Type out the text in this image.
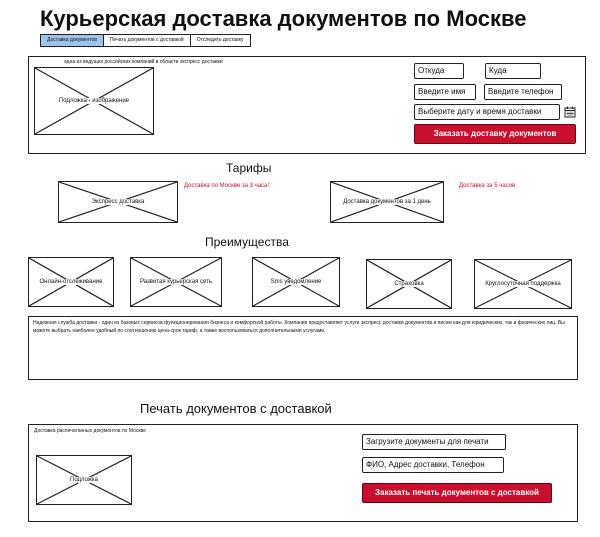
Курьерская доставка документов по Москве
Доставка документов	Печать документов с доставкой	Отследить доставку
одна из ведущих российских компаний в области экспресс доставки
Подложка - изображение
Откуда	Куда
Введите имя	Введите телефон
Выберите дату и время доставки
Заказать доставку документов
Тарифы
Экспресс доставка
Доставка по Москве за 3 часа!
Доставка документов за 1 день
Доставка за 5 часов
Преимущества
Онлайн-отслеживание	Развитая курьерская сеть	Sms уведомление	Страховка	Круглосуточная поддержка
Надежная служба доставки - один из базовых сервисов функционирования бизнеса и комфортной работы. Компания предоставляет услуги экспресс доставки документов и писем как для юридических, так и физических лиц. Вы можете выбрать наиболее удобный по соотношению цена-срок тариф, а также воспользоваться дополнительными услугами.
Печать документов с доставкой
Доставка распечатанных документов по Москве
Подложка
Загрузите документы для печати
ФИО, Адрес доставки, Телефон
Заказать печать документов с доставкой
